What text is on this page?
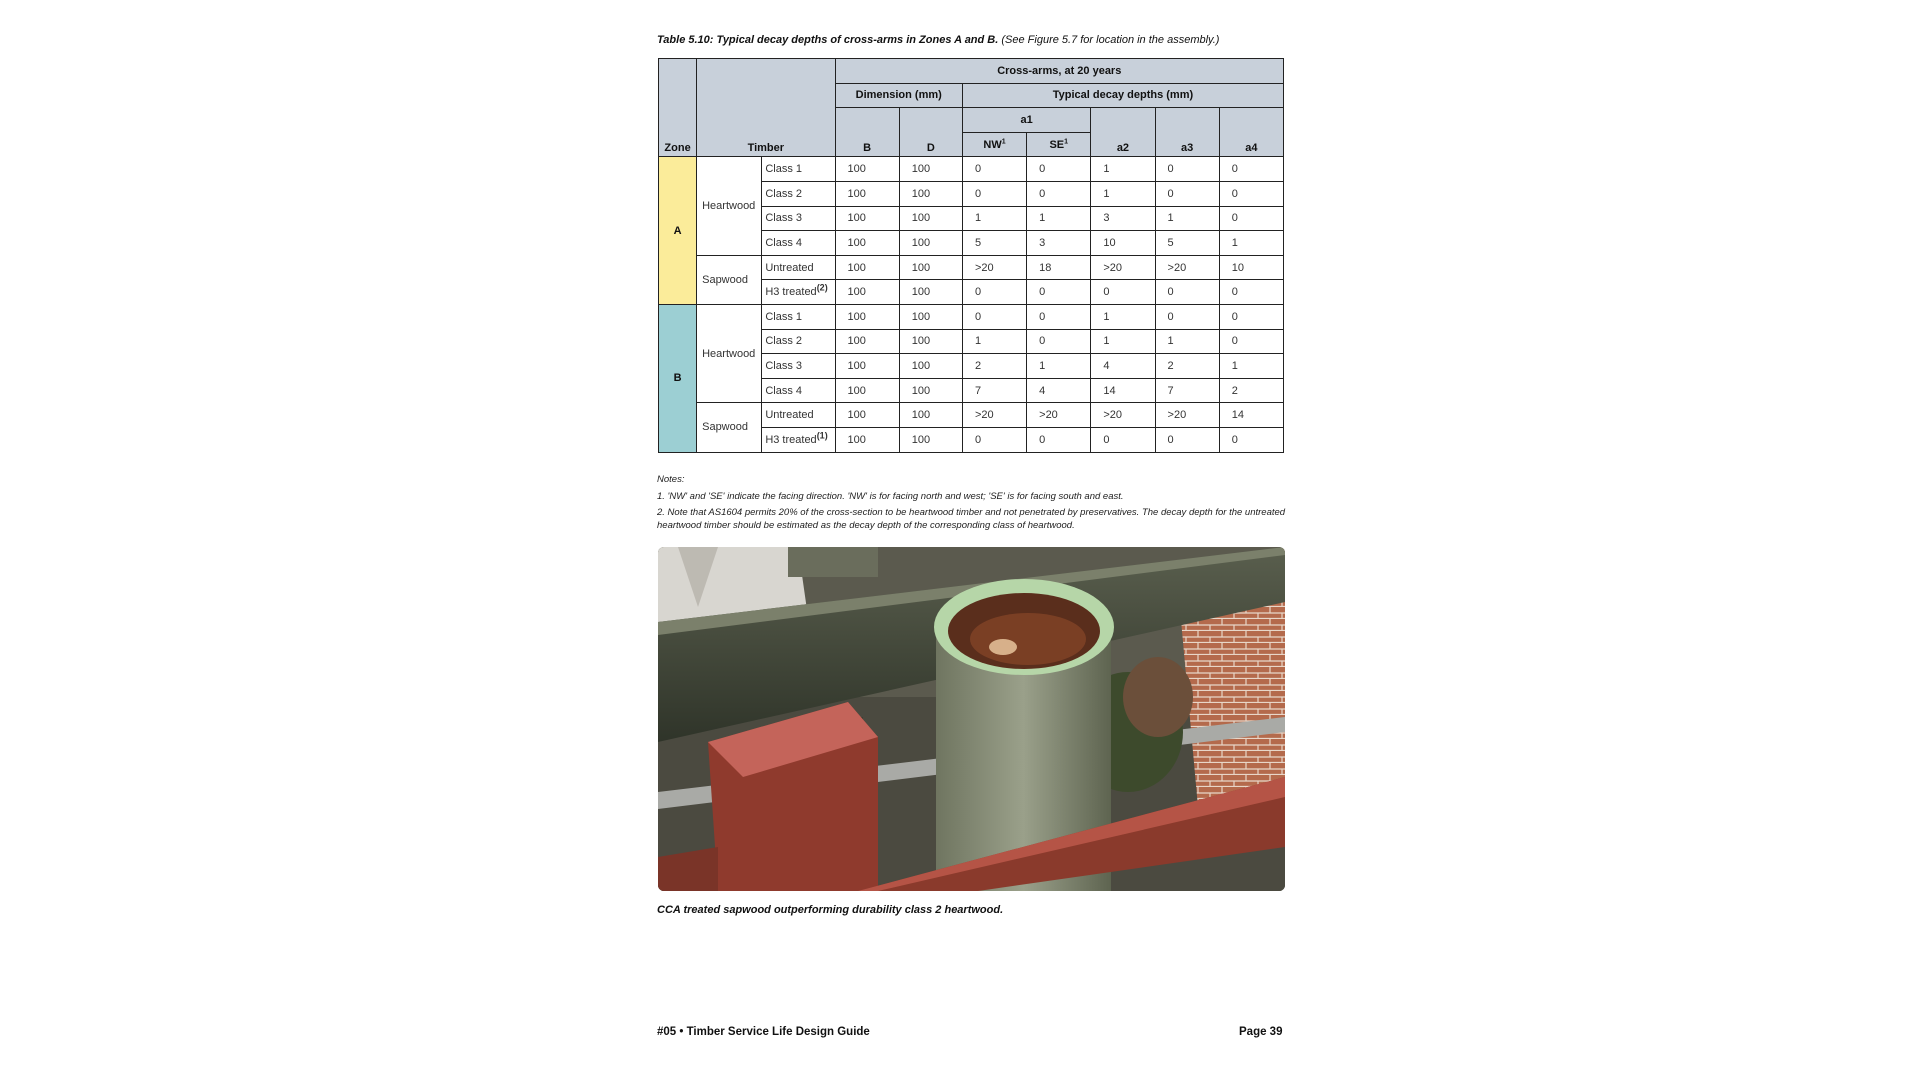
Table 5.10: Typical decay depths of cross-arms in Zones A and B. (See Figure 5.7 for location in the assembly.)
Zone	Timber		Cross-arms, at 20 years						
			Dimension (mm)		Typical decay depths (mm)				
			B	D	a1		a2	a3	a4
					$NW^1$	$SE^1$
A	Heartwood	Class 1	100	100	0	0	1	0	0
		Class 2	100	100	0	0	1	0	0
		Class 3	100	100	1	1	3	1	0
		Class 4	100	100	5	3	10	5	1
	Sapwood	Untreated	100	100	>20	18	>20	>20	10
		H3 treated$^{(2)}$	100	100	0	0	0	0	0
B	Heartwood	Class 1	100	100	0	0	1	0	0
		Class 2	100	100	1	0	1	1	0
		Class 3	100	100	2	1	4	2	1
		Class 4	100	100	7	4	14	7	2
	Sapwood	Untreated	100	100	>20	>20	>20	>20	14
		H3 treated$^{(1)}$	100	100	0	0	0	0	0

Notes:

1. 'NW' and 'SE' indicate the facing direction. 'NW' is for facing north and west; 'SE' is for facing south and east.

2. Note that AS1604 permits 20% of the cross-section to be heartwood timber and not penetrated by preservatives. The decay depth for the untreated heartwood timber should be estimated as the decay depth of the corresponding class of heartwood.

CCA treated sapwood outperforming durability class 2 heartwood.
#05 • Timber Service Life Design Guide	Page 39
